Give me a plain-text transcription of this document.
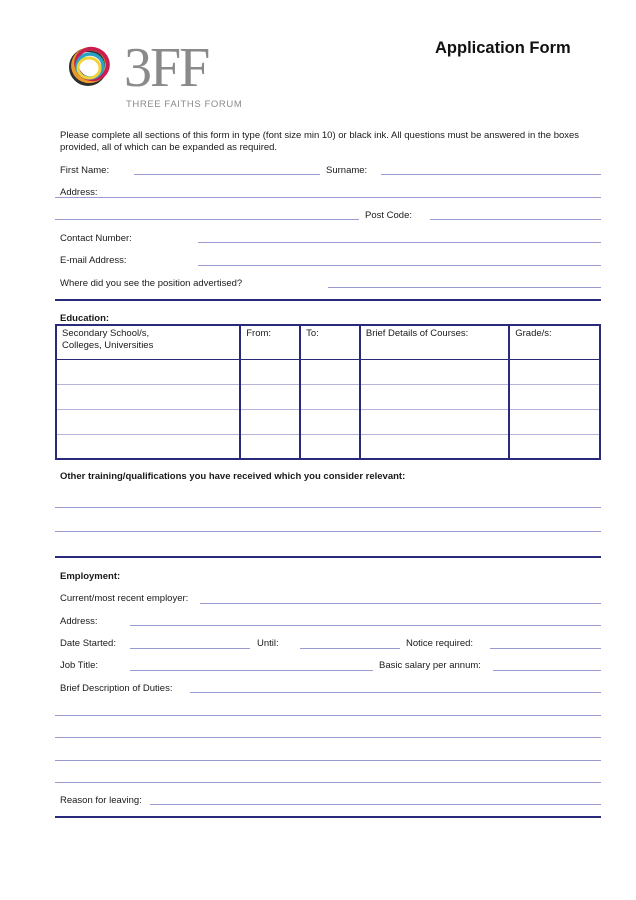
3FF
THREE FAITHS FORUM
Application Form
Please complete all sections of this form in type (font size min 10) or black ink. All questions must be answered in the boxes provided, all of which can be expanded as required.
First Name:	Surname:
Address:
Post Code:
Contact Number:
E-mail Address:
Where did you see the position advertised?
Education:
Secondary School/s,
Colleges, Universities	From:	To:	Brief Details of Courses:	Grade/s:

Other training/qualifications you have received which you consider relevant:
Employment:
Current/most recent employer:
Address:
Date Started:	Until:	Notice required:
Job Title:	Basic salary per annum:
Brief Description of Duties:
Reason for leaving:
